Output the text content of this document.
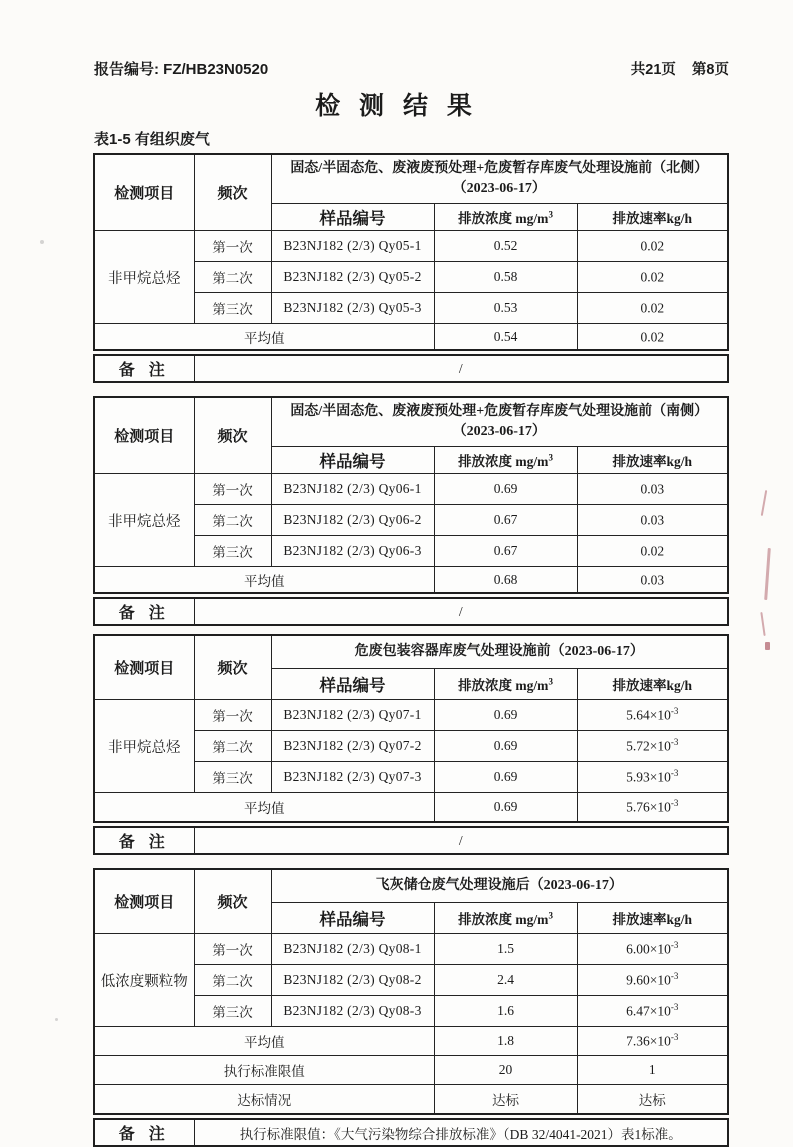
报告编号: FZ/HB23N0520	共21页 第8页
检 测 结 果
表1-5 有组织废气
检测项目	频次	固态/半固态危、废液废预处理+危废暂存库废气处理设施前（北侧）
（2023-06-17）		

		样品编号	排放浓度 $mg/m^3$	排放速率kg/h
非甲烷总烃	第一次	B23NJ182 (2/3) Qy05-1	0.52	0.02
	第二次	B23NJ182 (2/3) Qy05-2	0.58	0.02
	第三次	B23NJ182 (2/3) Qy05-3	0.53	0.02
平均值			0.54	0.02
备 注	/
检测项目	频次	固态/半固态危、废液废预处理+危废暂存库废气处理设施前（南侧）
（2023-06-17）		

		样品编号	排放浓度 $mg/m^3$	排放速率kg/h
非甲烷总烃	第一次	B23NJ182 (2/3) Qy06-1	0.69	0.03
	第二次	B23NJ182 (2/3) Qy06-2	0.67	0.03
	第三次	B23NJ182 (2/3) Qy06-3	0.67	0.02
平均值			0.68	0.03
备 注	/
检测项目	频次	危废包装容器库废气处理设施前（2023-06-17）		
		样品编号	排放浓度 $mg/m^3$	排放速率kg/h
非甲烷总烃	第一次	B23NJ182 (2/3) Qy07-1	0.69	$5.64\times 10^{-3}$
	第二次	B23NJ182 (2/3) Qy07-2	0.69	$5.72\times 10^{-3}$
	第三次	B23NJ182 (2/3) Qy07-3	0.69	$5.93\times 10^{-3}$
平均值			0.69	$5.76\times 10^{-3}$
备 注	/
检测项目	频次	飞灰储仓废气处理设施后（2023-06-17）		
		样品编号	排放浓度 $mg/m^3$	排放速率kg/h
低浓度颗粒物	第一次	B23NJ182 (2/3) Qy08-1	1.5	$6.00\times 10^{-3}$
	第二次	B23NJ182 (2/3) Qy08-2	2.4	$9.60\times 10^{-3}$
	第三次	B23NJ182 (2/3) Qy08-3	1.6	$6.47\times 10^{-3}$
平均值			1.8	$7.36\times 10^{-3}$
执行标准限值			20	1
达标情况			达标	达标
备 注	执行标准限值：《大气污染物综合排放标准》（DB 32/4041-2021）表1标准。
